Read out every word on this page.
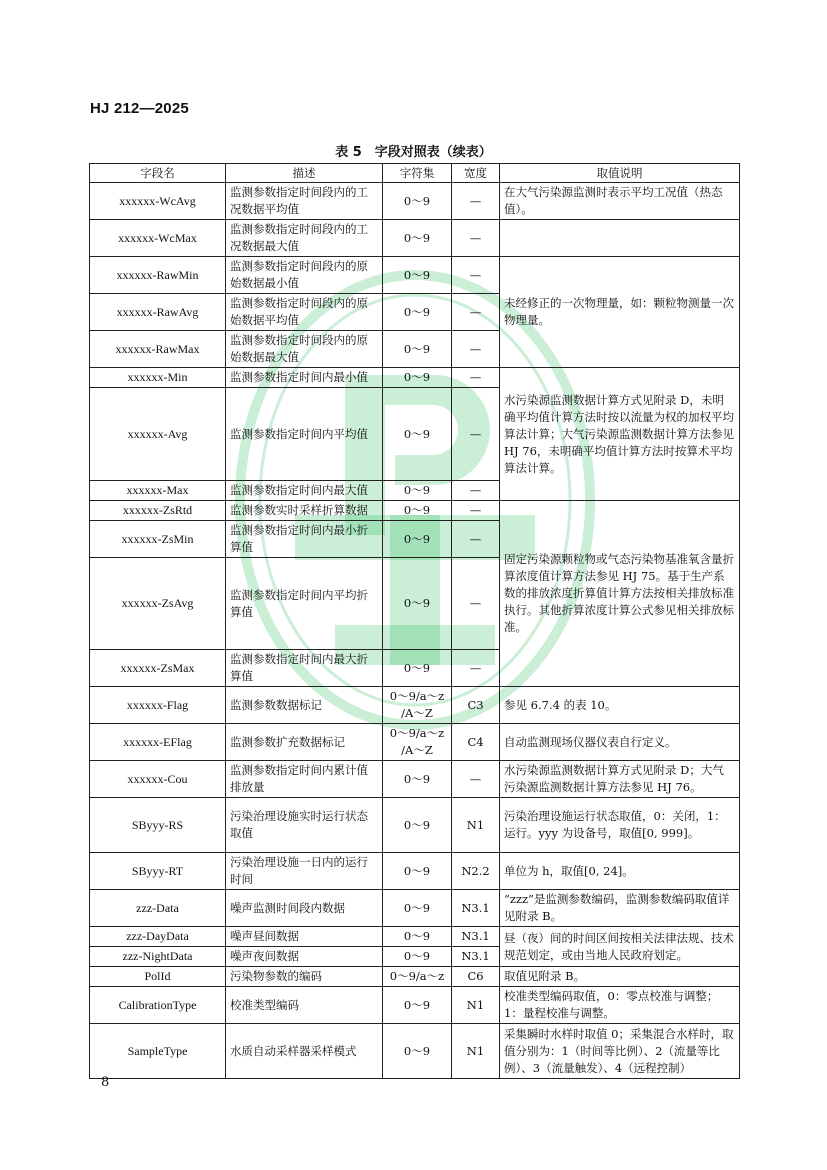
HJ 212—2025
表 5　字段对照表（续表）
字段名	描述	字符集	宽度	取值说明
xxxxxx-WcAvg	监测参数指定时间段内的工况数据平均值	0～9	—	在大气污染源监测时表示平均工况值（热态值）。
xxxxxx-WcMax	监测参数指定时间段内的工况数据最大值	0～9	—	
xxxxxx-RawMin	监测参数指定时间段内的原始数据最小值	0～9	—	未经修正的一次物理量，如：颗粒物测量一次物理量。
xxxxxx-RawAvg	监测参数指定时间段内的原始数据平均值	0～9	—	
xxxxxx-RawMax	监测参数指定时间段内的原始数据最大值	0～9	—	
xxxxxx-Min	监测参数指定时间内最小值	0～9	—	水污染源监测数据计算方式见附录 D，未明确平均值计算方法时按以流量为权的加权平均算法计算；大气污染源监测数据计算方法参见 HJ 76，未明确平均值计算方法时按算术平均算法计算。
xxxxxx-Avg	监测参数指定时间内平均值	0～9	—	
xxxxxx-Max	监测参数指定时间内最大值	0～9	—	
xxxxxx-ZsRtd	监测参数实时采样折算数据	0～9	—	固定污染源颗粒物或气态污染物基准氧含量折算浓度值计算方法参见 HJ 75。基于生产系数的排放浓度折算值计算方法按相关排放标准执行。其他折算浓度计算公式参见相关排放标准。
xxxxxx-ZsMin	监测参数指定时间内最小折算值	0～9	—	
xxxxxx-ZsAvg	监测参数指定时间内平均折算值	0～9	—	
xxxxxx-ZsMax	监测参数指定时间内最大折算值	0～9	—	
xxxxxx-Flag	监测参数数据标记	0～9/a～z /A～Z	C3	参见 6.7.4 的表 10。
xxxxxx-EFlag	监测参数扩充数据标记	0～9/a～z /A～Z	C4	自动监测现场仪器仪表自行定义。
xxxxxx-Cou	监测参数指定时间内累计值排放量	0～9	—	水污染源监测数据计算方式见附录 D；大气污染源监测数据计算方法参见 HJ 76。
SByyy-RS	污染治理设施实时运行状态取值	0～9	N1	污染治理设施运行状态取值，0：关闭，1：运行。yyy 为设备号，取值[0, 999]。
SByyy-RT	污染治理设施一日内的运行时间	0～9	N2.2	单位为 h，取值[0, 24]。
zzz-Data	噪声监测时间段内数据	0～9	N3.1	“zzz”是监测参数编码，监测参数编码取值详见附录 B。
zzz-DayData	噪声昼间数据	0～9	N3.1	昼（夜）间的时间区间按相关法律法规、技术规范划定，或由当地人民政府划定。
zzz-NightData	噪声夜间数据	0～9	N3.1	
PolId	污染物参数的编码	0～9/a～z	C6	取值见附录 B。
CalibrationType	校准类型编码	0～9	N1	校准类型编码取值，0：零点校准与调整；1：量程校准与调整。
SampleType	水质自动采样器采样模式	0～9	N1	采集瞬时水样时取值 0；采集混合水样时，取值分别为：1（时间等比例）、2（流量等比例）、3（流量触发）、4（远程控制）
8
